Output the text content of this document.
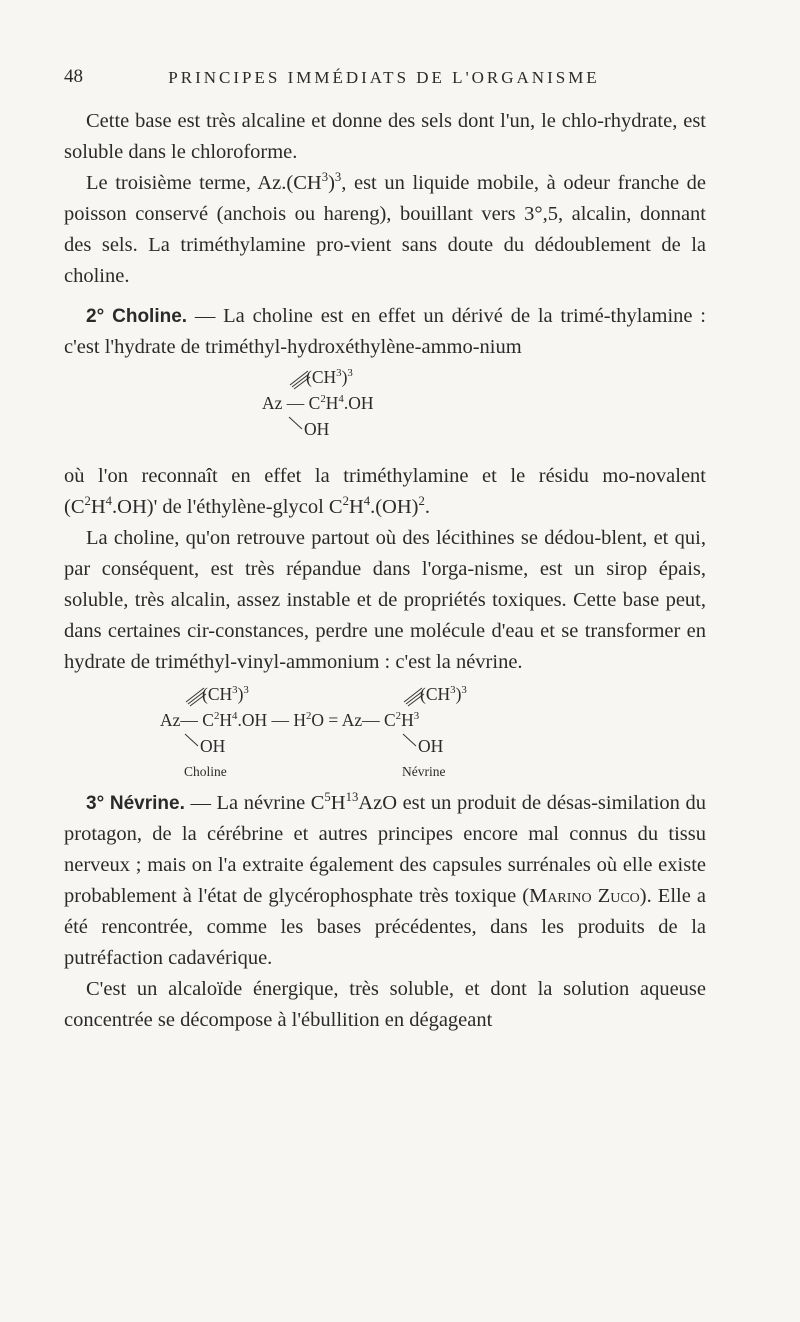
48	PRINCIPES IMMÉDIATS DE L'ORGANISME

Cette base est très alcaline et donne des sels dont l'un, le chlo-rhydrate, est soluble dans le chloroforme.

Le troisième terme, $Az.(CH^3)^3$, est un liquide mobile, à odeur franche de poisson conservé (anchois ou hareng), bouillant vers 3°,5, alcalin, donnant des sels. La triméthylamine pro-vient sans doute du dédoublement de la choline.

2° Choline. — La choline est en effet un dérivé de la trimé-thylamine : c'est l'hydrate de triméthyl-hydroxéthylène-ammo-nium

$(CH^3)^3$
Az — $C^2H^4.OH$
OH

où l'on reconnaît en effet la triméthylamine et le résidu mo-novalent $(C^2H^4.OH)'$ de l'éthylène-glycol $C^2H^4.(OH)^2$.

La choline, qu'on retrouve partout où des lécithines se dédou-blent, et qui, par conséquent, est très répandue dans l'orga-nisme, est un sirop épais, soluble, très alcalin, assez instable et de propriétés toxiques. Cette base peut, dans certaines cir-constances, perdre une molécule d'eau et se transformer en hydrate de triméthyl-vinyl-ammonium : c'est la névrine.

$(CH^3)^3$	$(CH^3)^3$
Az— $C^2H^4.OH$ — $H^2O$ = Az— $C^2H^3$
OH	OH
Choline	Névrine

3° Névrine. — La névrine $C^5H^{13}AzO$ est un produit de désas-similation du protagon, de la cérébrine et autres principes encore mal connus du tissu nerveux ; mais on l'a extraite également des capsules surrénales où elle existe probablement à l'état de glycérophosphate très toxique (Marino Zuco). Elle a été rencontrée, comme les bases précédentes, dans les produits de la putréfaction cadavérique.

C'est un alcaloïde énergique, très soluble, et dont la solution aqueuse concentrée se décompose à l'ébullition en dégageant
